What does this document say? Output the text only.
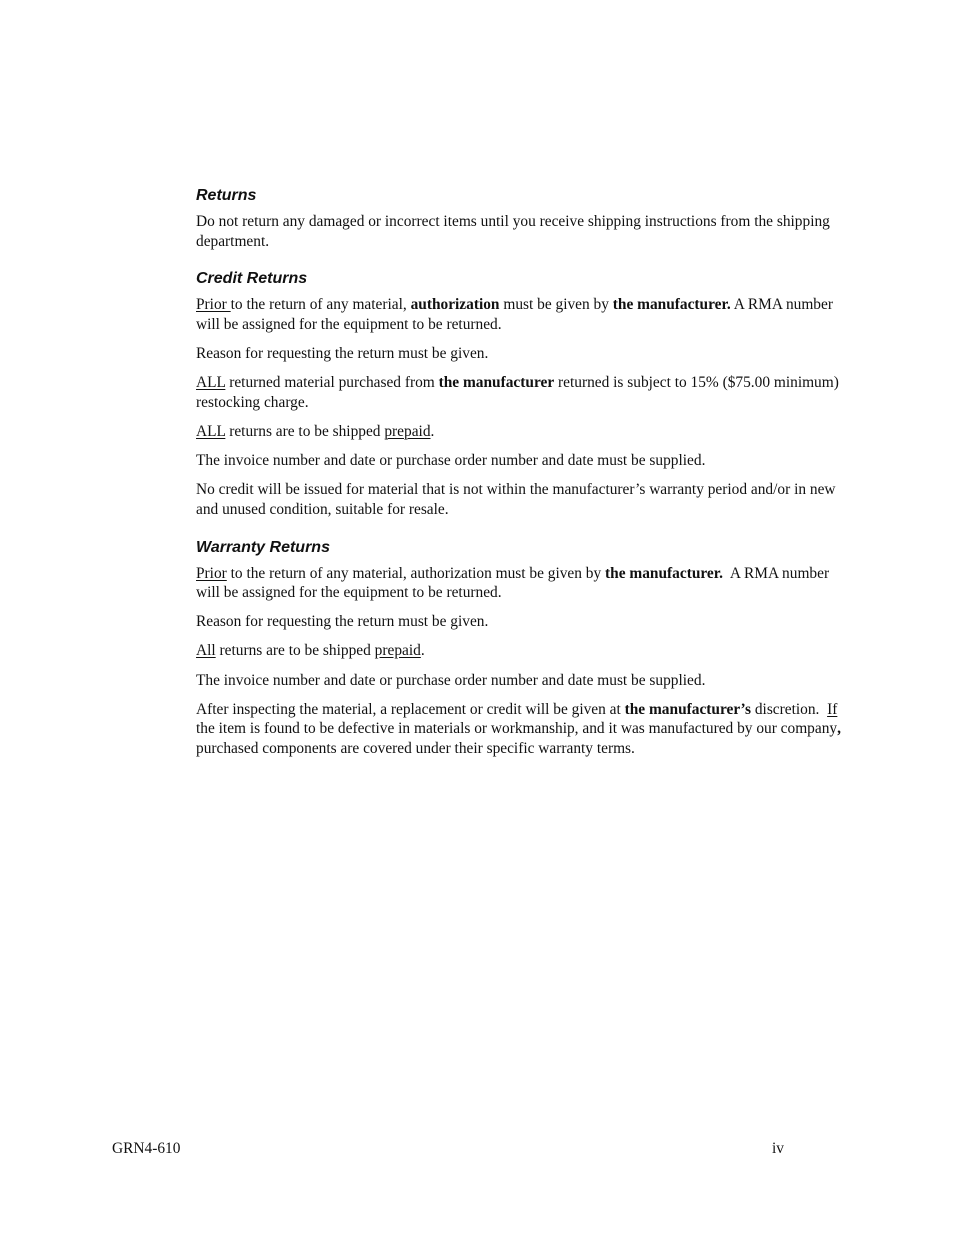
Returns

Do not return any damaged or incorrect items until you receive shipping instructions from the shipping department.

Credit Returns

Prior to the return of any material, authorization must be given by the manufacturer. A RMA number will be assigned for the equipment to be returned.

Reason for requesting the return must be given.

ALL returned material purchased from the manufacturer returned is subject to 15% ($75.00 minimum) restocking charge.

ALL returns are to be shipped prepaid.

The invoice number and date or purchase order number and date must be supplied.

No credit will be issued for material that is not within the manufacturer’s warranty period and/or in new and unused condition, suitable for resale.

Warranty Returns

Prior to the return of any material, authorization must be given by the manufacturer.  A RMA number will be assigned for the equipment to be returned.

Reason for requesting the return must be given.

All returns are to be shipped prepaid.

The invoice number and date or purchase order number and date must be supplied.

After inspecting the material, a replacement or credit will be given at the manufacturer’s discretion.  If the item is found to be defective in materials or workmanship, and it was manufactured by our company, purchased components are covered under their specific warranty terms.

GRN4-610	iv
